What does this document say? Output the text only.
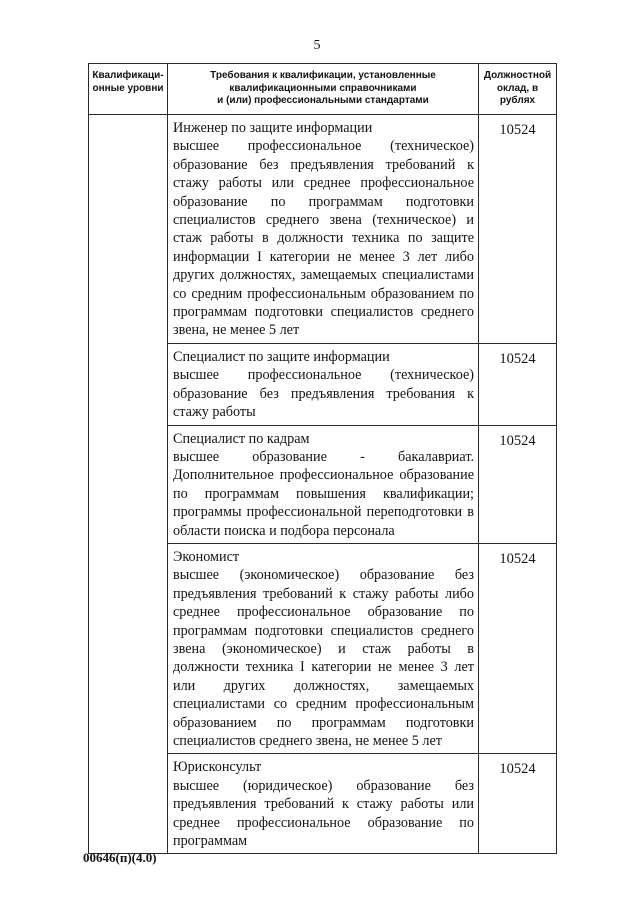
5
Квалификаци-
онные уровни	Требования к квалификации, установленные
квалификационными справочниками
и (или) профессиональными стандартами	Должностной
оклад, в рублях

	Инженер по защите информации
высшее профессиональное (техническое) образование без предъявления требований к стажу работы или среднее профессиональное образование по программам подготовки специалистов среднего звена (техническое) и стаж работы в должности техника по защите информации I категории не менее 3 лет либо других должностях, замещаемых специалистами со средним профессиональным образованием по программам подготовки специалистов среднего звена, не менее 5 лет	10524

	Специалист по защите информации
высшее профессиональное (техническое) образование без предъявления требования к стажу работы	10524

	Специалист по кадрам
высшее образование - бакалавриат. Дополнительное профессиональное образование по программам повышения квалификации; программы профессиональной переподготовки в области поиска и подбора персонала	10524

	Экономист
высшее (экономическое) образование без предъявления требований к стажу работы либо среднее профессиональное образование по программам подготовки специалистов среднего звена (экономическое) и стаж работы в должности техника I категории не менее 3 лет или других должностях, замещаемых специалистами со средним профессиональным образованием по программам подготовки специалистов среднего звена, не менее 5 лет	10524

	Юрисконсульт
высшее (юридическое) образование без предъявления требований к стажу работы или среднее профессиональное образование по программам	10524
00646(п)(4.0)
